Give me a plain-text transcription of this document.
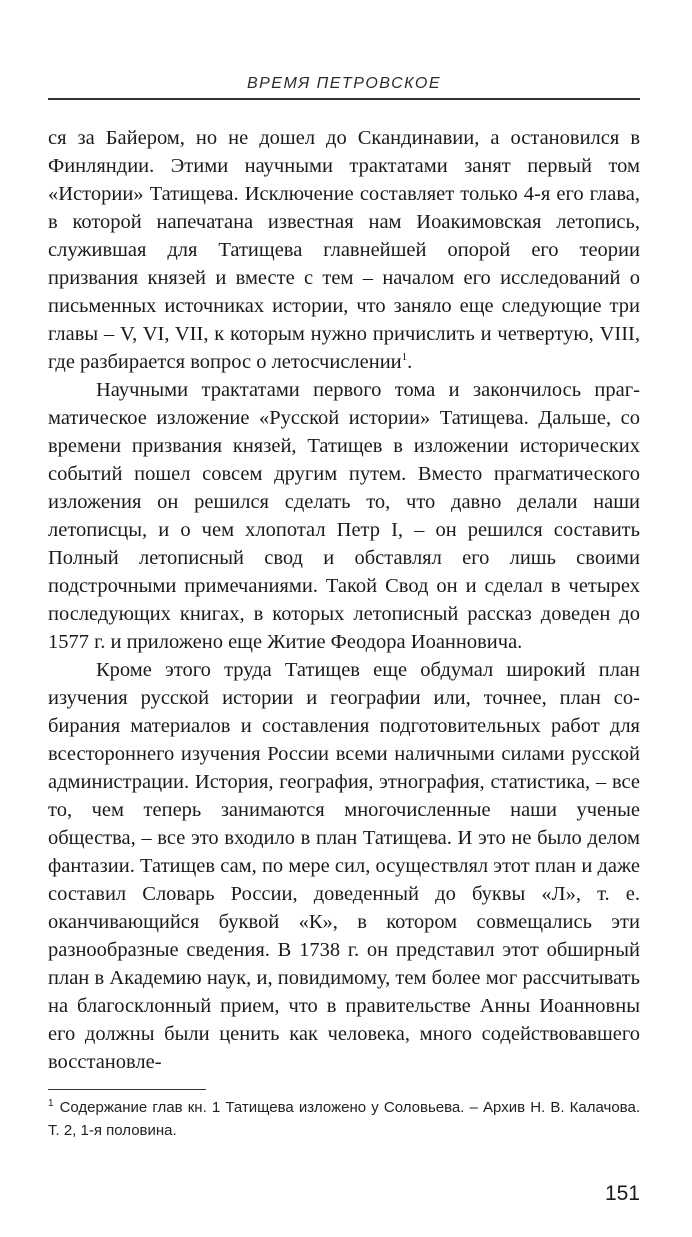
ВРЕМЯ ПЕТРОВСКОЕ

ся за Байером, но не дошел до Скандинавии, а остановился в Финляндии. Этими научными трактатами занят первый том «Истории» Татищева. Исключение составляет только 4-я его глава, в которой напечатана известная нам Иоакимовская летопись, служившая для Татищева главнейшей опорой его теории призвания князей и вместе с тем – началом его исследований о письменных источниках истории, что заняло еще следующие три главы – V, VI, VII, к которым нужно причислить и четвертую, VIII, где разбирается вопрос о летосчислении$^1$.

Научными трактатами первого тома и закончилось прагматическое изложение «Русской истории» Татищева. Дальше, со времени призвания князей, Татищев в изложении исторических событий пошел совсем другим путем. Вместо прагматического изложения он решился сделать то, что давно делали наши летописцы, и о чем хлопотал Петр I, – он решился составить Полный летописный свод и обставлял его лишь своими подстрочными примечаниями. Такой Свод он и сделал в четырех последующих книгах, в которых летописный рассказ доведен до 1577 г. и приложено еще Житие Феодора Иоанновича.

Кроме этого труда Татищев еще обдумал широкий план изучения русской истории и географии или, точнее, план собирания материалов и составления подготовительных работ для всестороннего изучения России всеми наличными силами русской администрации. История, география, этнография, статистика, – все то, чем теперь занимаются многочисленные наши ученые общества, – все это входило в план Татищева. И это не было делом фантазии. Татищев сам, по мере сил, осуществлял этот план и даже составил Словарь России, доведенный до буквы «Л», т. е. оканчивающийся буквой «К», в котором совмещались эти разнообразные сведения. В 1738 г. он представил этот обширный план в Академию наук, и, повидимому, тем более мог рассчитывать на благосклонный прием, что в правительстве Анны Иоанновны его должны были ценить как человека, много содействовавшего восстановле-

$^1$ Содержание глав кн. 1 Татищева изложено у Соловьева. – Архив Н. В. Калачова. Т. 2, 1-я половина.
151
